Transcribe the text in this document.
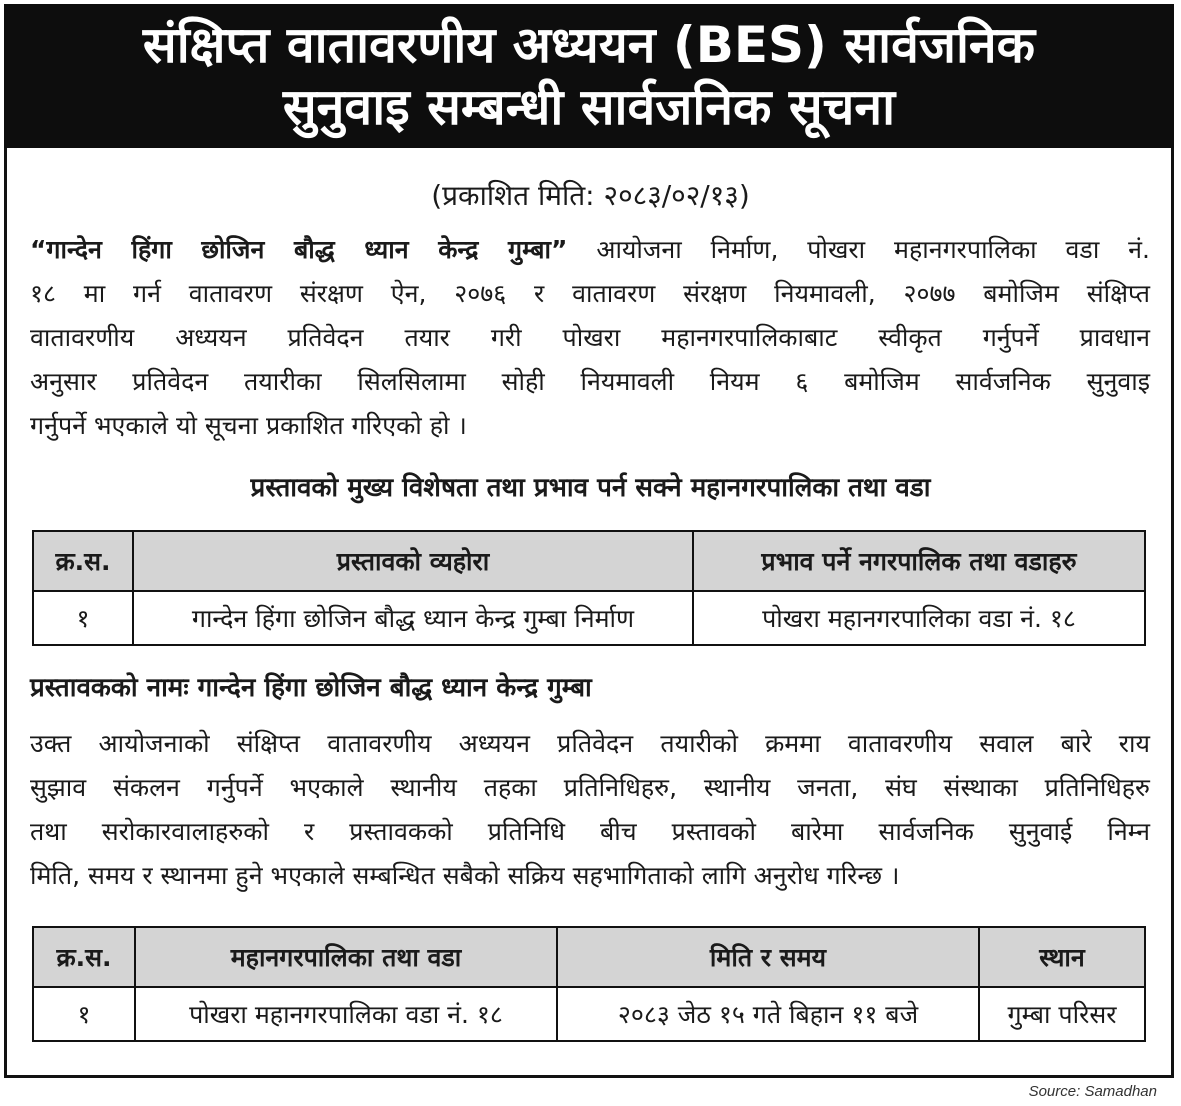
संक्षिप्त वातावरणीय अध्ययन (BES) सार्वजनिक
सुनुवाइ सम्बन्धी सार्वजनिक सूचना
(प्रकाशित मिति: २०८३/०२/१३)
“गान्देन हिंगा छोजिन बौद्ध ध्यान केन्द्र गुम्बा” आयोजना निर्माण, पोखरा महानगरपालिका वडा नं.
१८ मा गर्न वातावरण संरक्षण ऐन, २०७६ र वातावरण संरक्षण नियमावली, २०७७ बमोजिम संक्षिप्त
वातावरणीय अध्ययन प्रतिवेदन तयार गरी पोखरा महानगरपालिकाबाट स्वीकृत गर्नुपर्ने प्रावधान
अनुसार प्रतिवेदन तयारीका सिलसिलामा सोही नियमावली नियम ६ बमोजिम सार्वजनिक सुनुवाइ
गर्नुपर्ने भएकाले यो सूचना प्रकाशित गरिएको हो ।
प्रस्तावको मुख्य विशेषता तथा प्रभाव पर्न सक्ने महानगरपालिका तथा वडा
क्र.स.	प्रस्तावको व्यहोरा	प्रभाव पर्ने नगरपालिक तथा वडाहरु
१	गान्देन हिंगा छोजिन बौद्ध ध्यान केन्द्र गुम्बा निर्माण	पोखरा महानगरपालिका वडा नं. १८
प्रस्तावकको नामः गान्देन हिंगा छोजिन बौद्ध ध्यान केन्द्र गुम्बा
उक्त आयोजनाको संक्षिप्त वातावरणीय अध्ययन प्रतिवेदन तयारीको क्रममा वातावरणीय सवाल बारे राय
सुझाव संकलन गर्नुपर्ने भएकाले स्थानीय तहका प्रतिनिधिहरु, स्थानीय जनता, संघ संस्थाका प्रतिनिधिहरु
तथा सरोकारवालाहरुको र प्रस्तावकको प्रतिनिधि बीच प्रस्तावको बारेमा सार्वजनिक सुनुवाई निम्न
मिति, समय र स्थानमा हुने भएकाले सम्बन्धित सबैको सक्रिय सहभागिताको लागि अनुरोध गरिन्छ ।
क्र.स.	महानगरपालिका तथा वडा	मिति र समय	स्थान
१	पोखरा महानगरपालिका वडा नं. १८	२०८३ जेठ १५ गते बिहान ११ बजे	गुम्बा परिसर
Source: Samadhan
